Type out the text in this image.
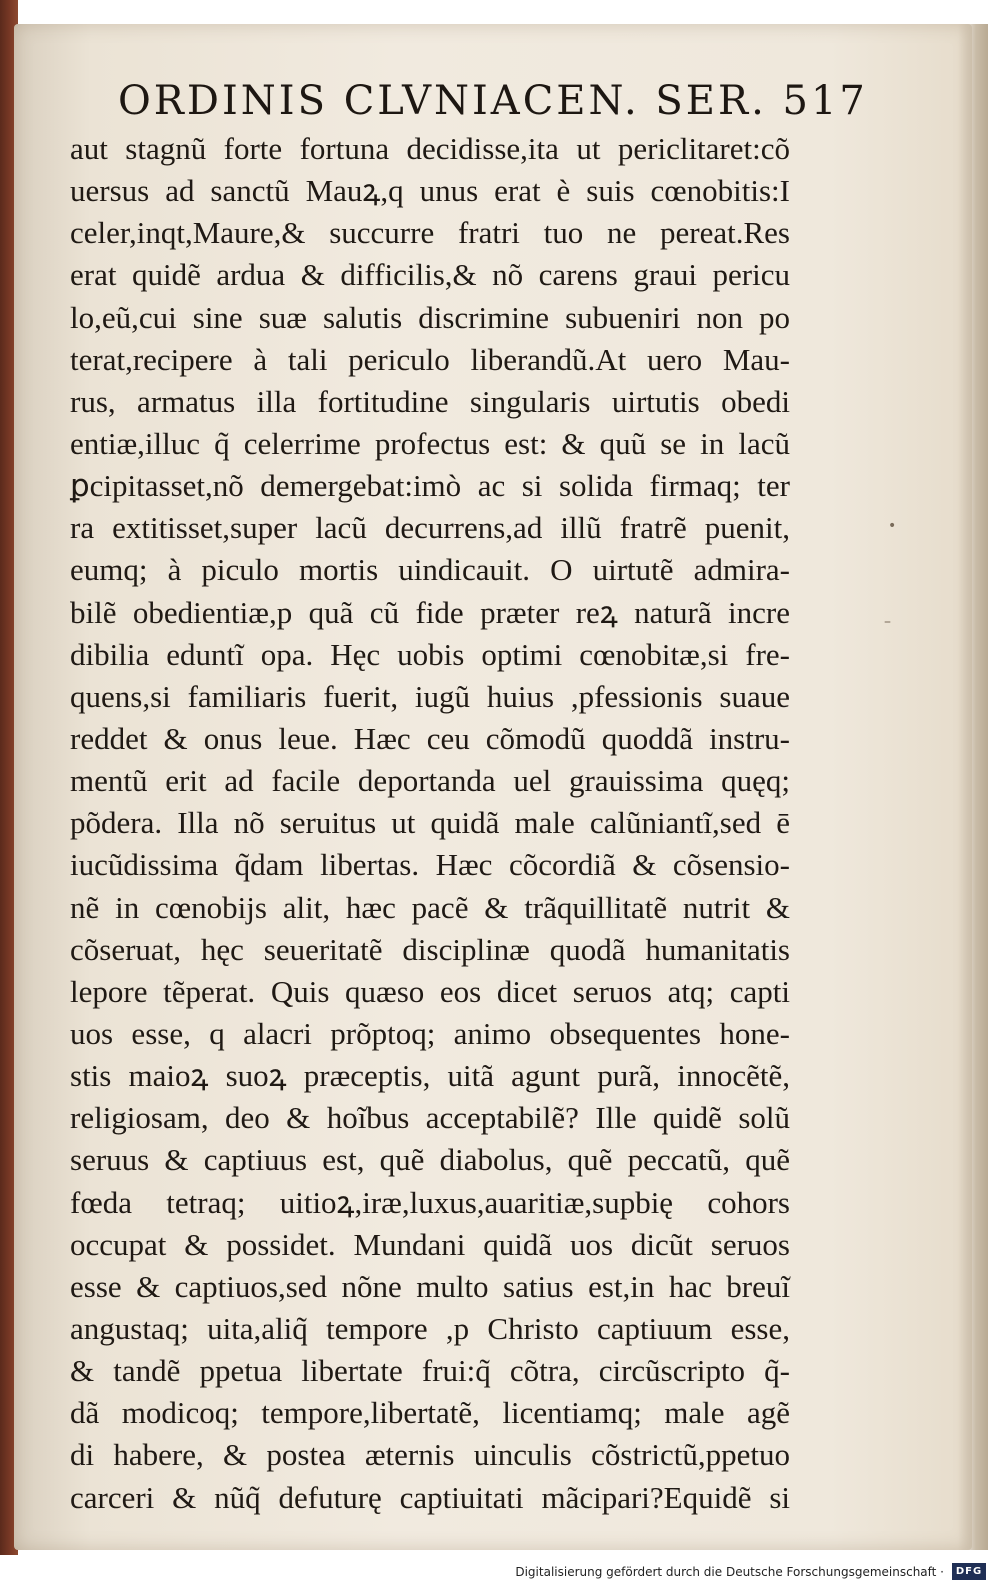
ORDINIS CLVNIACEN. SER. 517
aut stagnũ forte fortuna decidisse,ita ut periclitaret:cõ
uersus ad sanctũ Mauꝝ,q unus erat è suis cœnobitis:I
celer,inqt,Maure,& succurre fratri tuo ne pereat.Res
erat quidẽ ardua & difficilis,& nõ carens graui pericu
lo,eũ,cui sine suæ salutis discrimine subueniri non po
terat,recipere à tali periculo liberandũ.At uero Mau-
rus, armatus illa fortitudine singularis uirtutis obedi
entiæ,illuc q̃ celerrime profectus est: & quũ se in lacũ
ꝑcipitasset,nõ demergebat:imò ac si solida firmaq; ter
ra extitisset,super lacũ decurrens,ad illũ fratrẽ puenit,
eumq; à piculo mortis uindicauit. O uirtutẽ admira-
bilẽ obedientiæ,p quã cũ fide præter reꝝ naturã incre
dibilia eduntĩ opa. Hęc uobis optimi cœnobitæ,si fre-
quens,si familiaris fuerit, iugũ huius ,pfessionis suaue
reddet & onus leue. Hæc ceu cõmodũ quoddã instru-
mentũ erit ad facile deportanda uel grauissima quęq;
põdera. Illa nõ seruitus ut quidã male calũniantĩ,sed ē
iucũdissima q̃dam libertas. Hæc cõcordiã & cõsensio-
nẽ in cœnobijs alit, hæc pacẽ & trãquillitatẽ nutrit &
cõseruat, hęc seueritatẽ disciplinæ quodã humanitatis
lepore tẽperat. Quis quæso eos dicet seruos atq; capti
uos esse, q alacri prõptoq; animo obsequentes hone-
stis maioꝝ suoꝝ præceptis, uitã agunt purã, innocẽtẽ,
religiosam, deo & hoĩbus acceptabilẽ? Ille quidẽ solũ
seruus & captiuus est, quẽ diabolus, quẽ peccatũ, quẽ
fœda tetraq; uitioꝝ,iræ,luxus,auaritiæ,supbię cohors
occupat & possidet. Mundani quidã uos dicũt seruos
esse & captiuos,sed nõne multo satius est,in hac breuĩ
angustaq; uita,aliq̃ tempore ,p Christo captiuum esse,
& tandẽ ppetua libertate frui:q̃ cõtra, circũscripto q̃-
dã modicoq; tempore,libertatẽ, licentiamq; male agẽ
di habere, & postea æternis uinculis cõstrictũ,ppetuo
carceri & nũq̃ defuturę captiuitati mãcipari?Equidẽ si
•
–
Digitalisierung gefördert durch die Deutsche Forschungsgemeinschaft ·	DFG
